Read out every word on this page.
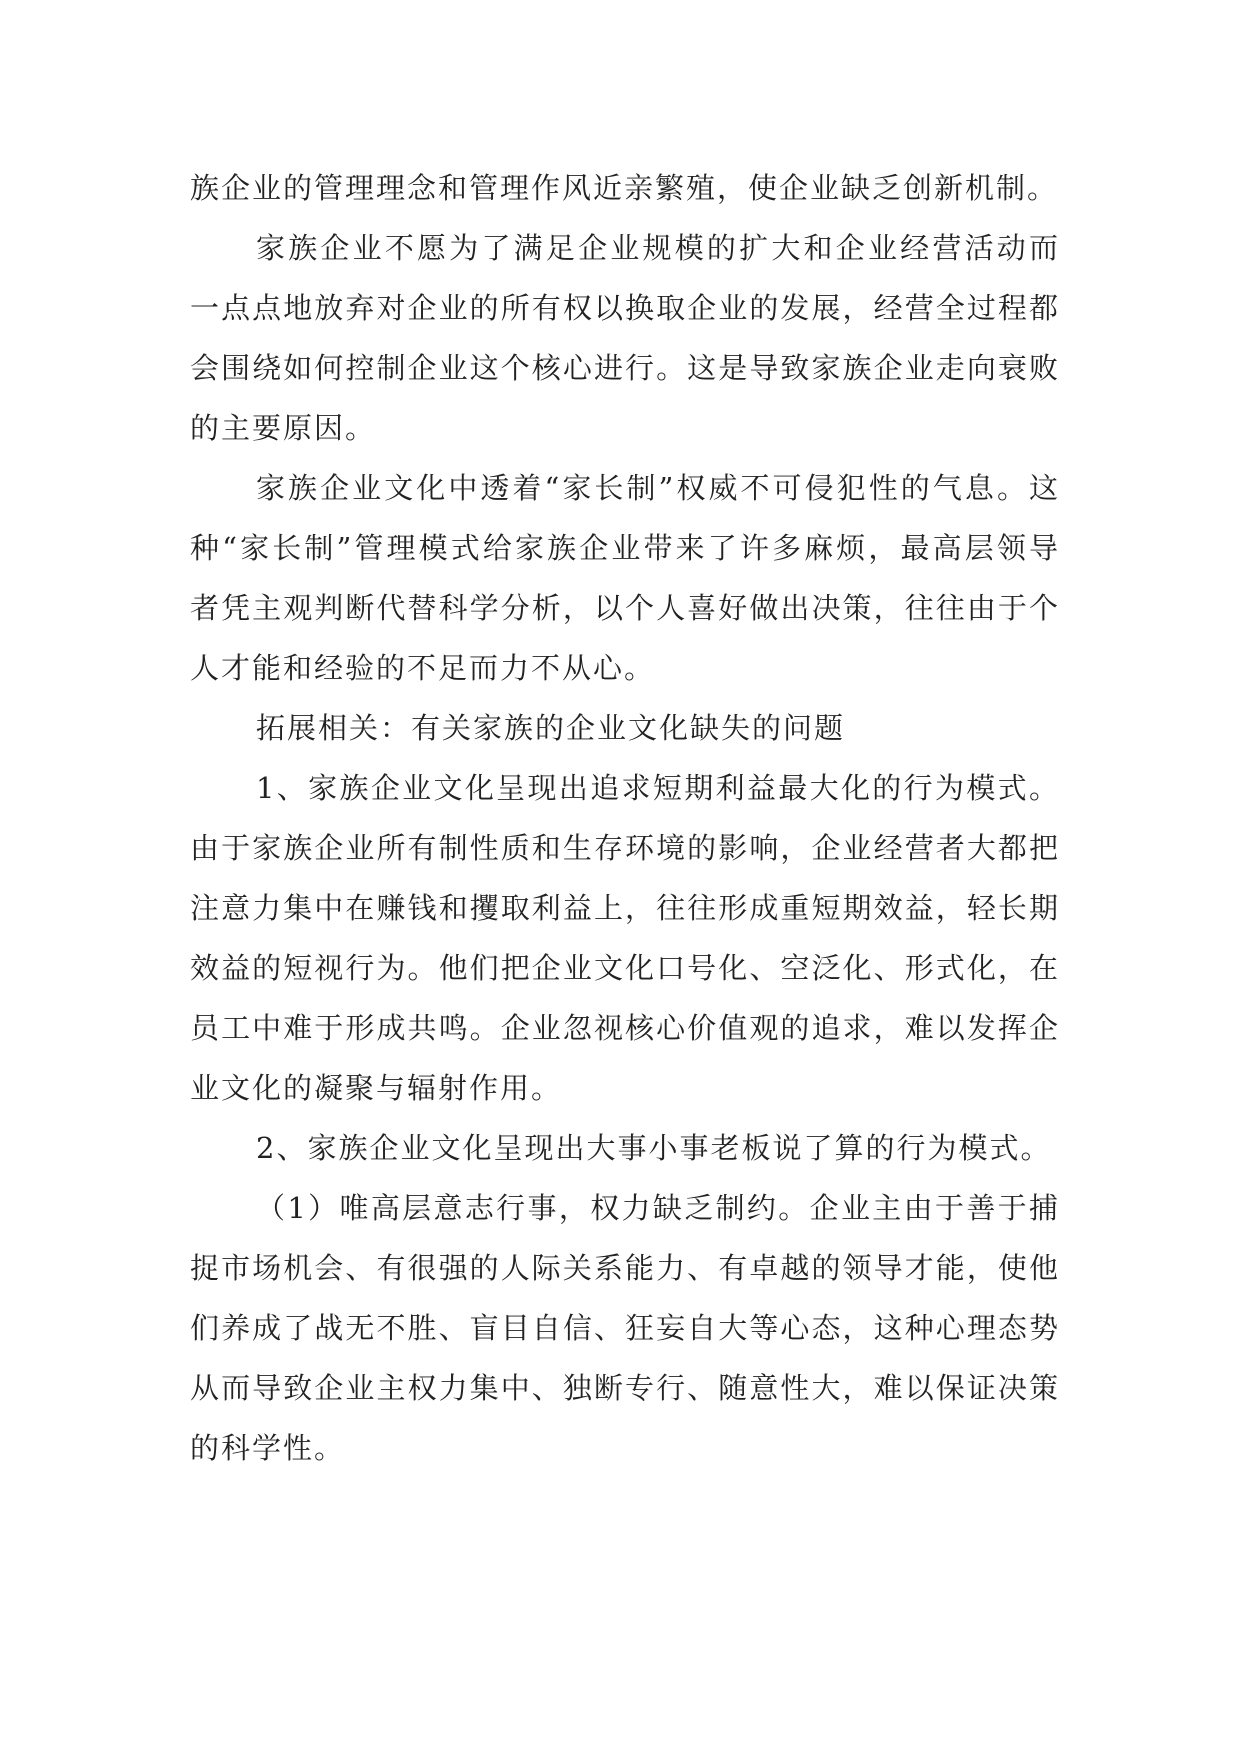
族企业的管理理念和管理作风近亲繁殖，使企业缺乏创新机制。

家族企业不愿为了满足企业规模的扩大和企业经营活动而一点点地放弃对企业的所有权以换取企业的发展，经营全过程都会围绕如何控制企业这个核心进行。这是导致家族企业走向衰败的主要原因。

家族企业文化中透着“家长制”权威不可侵犯性的气息。这种“家长制”管理模式给家族企业带来了许多麻烦，最高层领导者凭主观判断代替科学分析，以个人喜好做出决策，往往由于个人才能和经验的不足而力不从心。

拓展相关：有关家族的企业文化缺失的问题

1、家族企业文化呈现出追求短期利益最大化的行为模式。由于家族企业所有制性质和生存环境的影响，企业经营者大都把注意力集中在赚钱和攫取利益上，往往形成重短期效益，轻长期效益的短视行为。他们把企业文化口号化、空泛化、形式化，在员工中难于形成共鸣。企业忽视核心价值观的追求，难以发挥企业文化的凝聚与辐射作用。

2、家族企业文化呈现出大事小事老板说了算的行为模式。

（1）唯高层意志行事，权力缺乏制约。企业主由于善于捕捉市场机会、有很强的人际关系能力、有卓越的领导才能，使他们养成了战无不胜、盲目自信、狂妄自大等心态，这种心理态势从而导致企业主权力集中、独断专行、随意性大，难以保证决策的科学性。
